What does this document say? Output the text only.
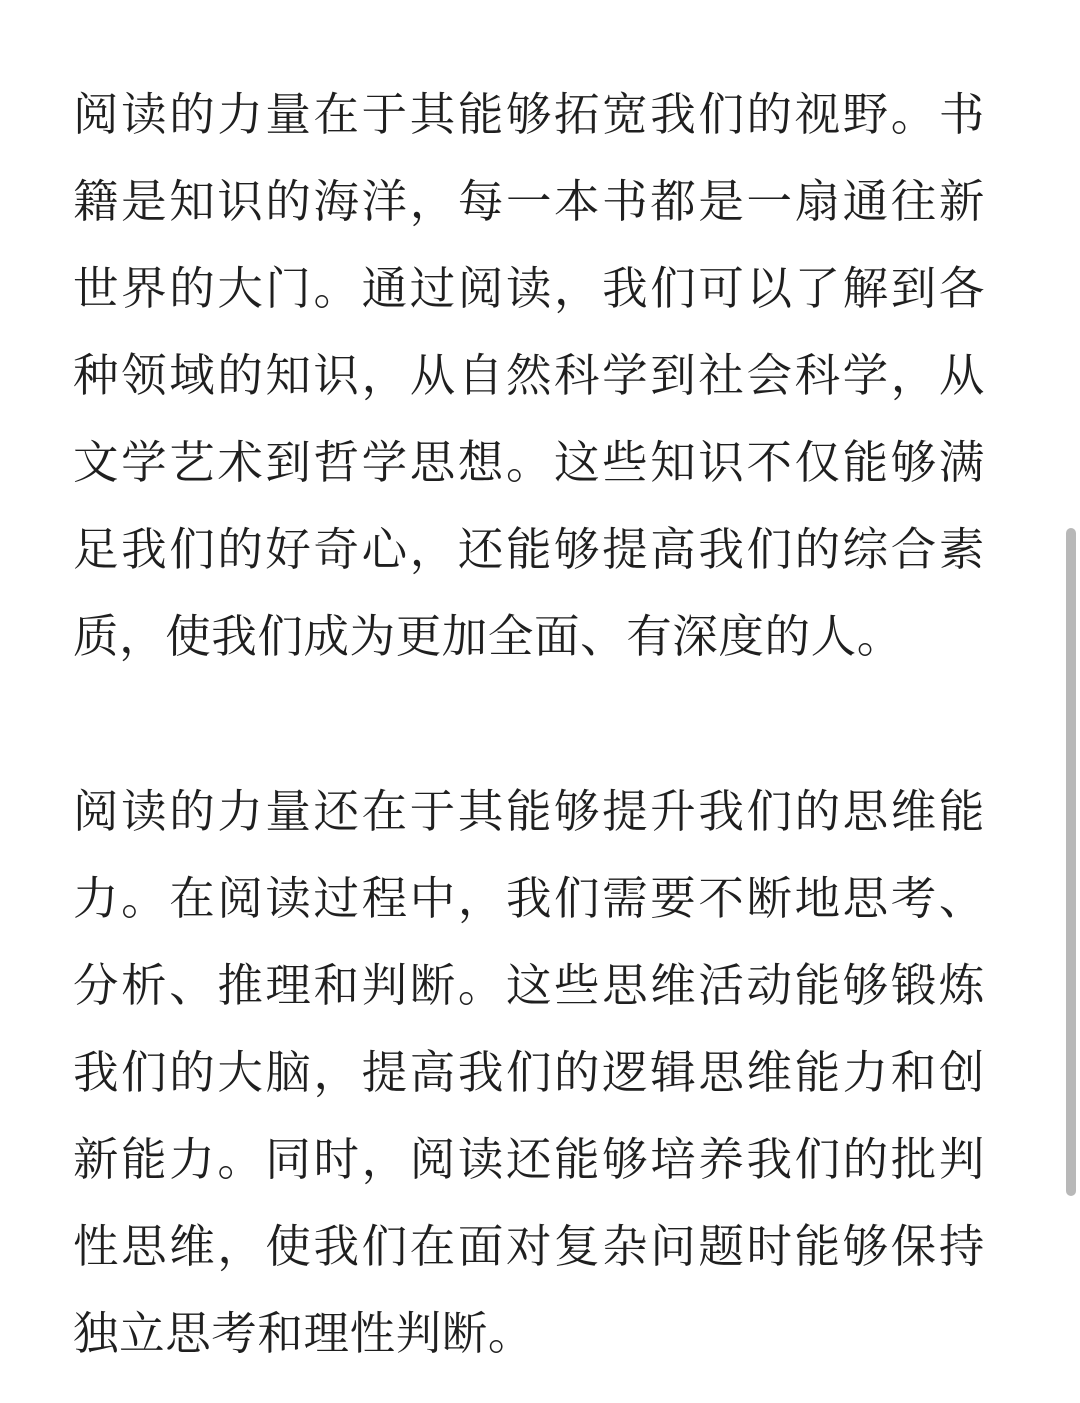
阅读的力量在于其能够拓宽我们的视野。书籍是知识的海洋，每一本书都是一扇通往新世界的大门。通过阅读，我们可以了解到各种领域的知识，从自然科学到社会科学，从文学艺术到哲学思想。这些知识不仅能够满足我们的好奇心，还能够提高我们的综合素质，使我们成为更加全面、有深度的人。

阅读的力量还在于其能够提升我们的思维能力。在阅读过程中，我们需要不断地思考、分析、推理和判断。这些思维活动能够锻炼我们的大脑，提高我们的逻辑思维能力和创新能力。同时，阅读还能够培养我们的批判性思维，使我们在面对复杂问题时能够保持独立思考和理性判断。
